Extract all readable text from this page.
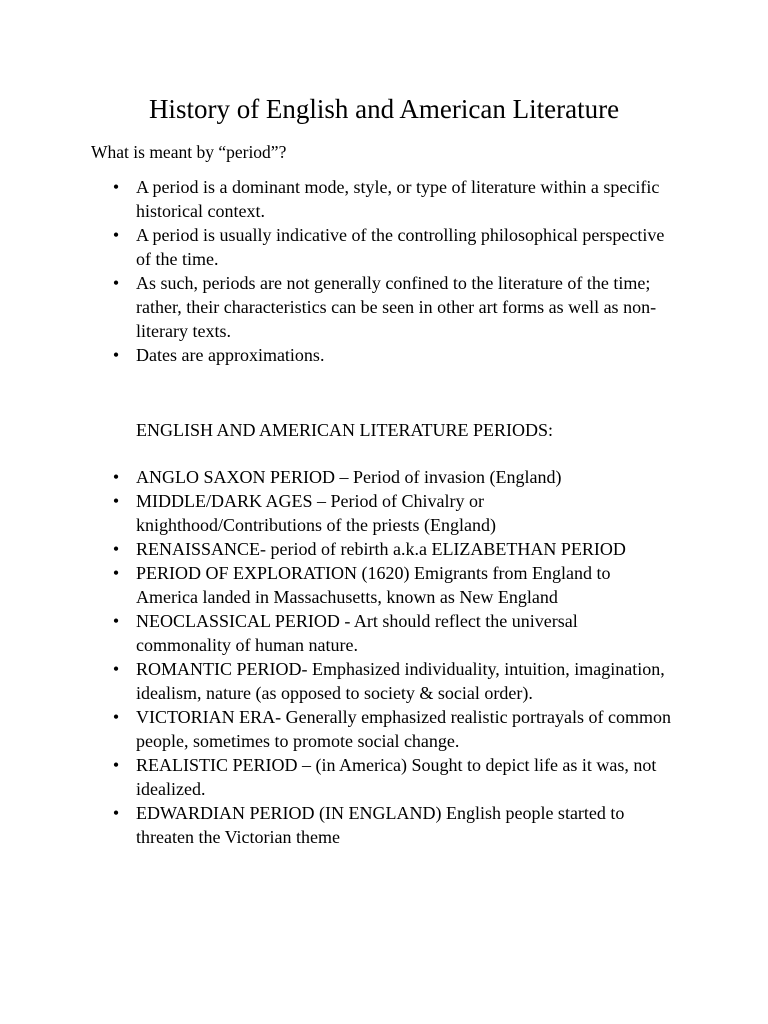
History of English and American Literature

What is meant by “period”?

• A period is a dominant mode, style, or type of literature within a specific historical context.
• A period is usually indicative of the controlling philosophical perspective of the time.
• As such, periods are not generally confined to the literature of the time; rather, their characteristics can be seen in other art forms as well as non-literary texts.
• Dates are approximations.

ENGLISH AND AMERICAN LITERATURE PERIODS:

• ANGLO SAXON PERIOD – Period of invasion (England)
• MIDDLE/DARK AGES – Period of Chivalry or knighthood/Contributions of the priests (England)
• RENAISSANCE- period of rebirth a.k.a ELIZABETHAN PERIOD
• PERIOD OF EXPLORATION (1620) Emigrants from England to America landed in Massachusetts, known as New England
• NEOCLASSICAL PERIOD - Art should reflect the universal commonality of human nature.
• ROMANTIC PERIOD- Emphasized individuality, intuition, imagination, idealism, nature (as opposed to society & social order).
• VICTORIAN ERA- Generally emphasized realistic portrayals of common people, sometimes to promote social change.
• REALISTIC PERIOD – (in America) Sought to depict life as it was, not idealized.
• EDWARDIAN PERIOD (IN ENGLAND) English people started to threaten the Victorian theme
